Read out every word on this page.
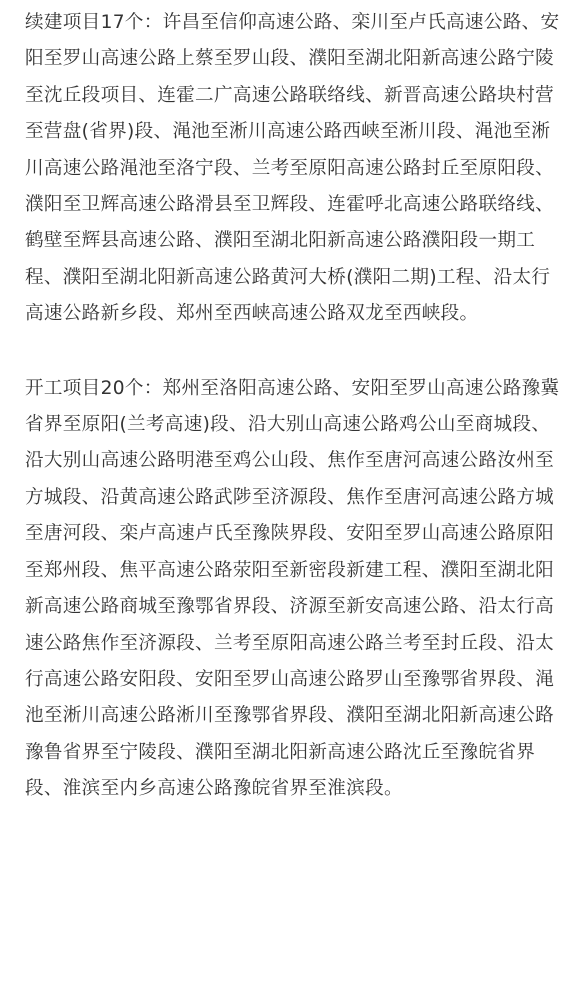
续建项目17个：许昌至信仰高速公路、栾川至卢氏高速公路、安阳至罗山高速公路上蔡至罗山段、濮阳至湖北阳新高速公路宁陵至沈丘段项目、连霍二广高速公路联络线、新晋高速公路块村营至营盘(省界)段、渑池至淅川高速公路西峡至淅川段、渑池至淅川高速公路渑池至洛宁段、兰考至原阳高速公路封丘至原阳段、濮阳至卫辉高速公路滑县至卫辉段、连霍呼北高速公路联络线、鹤壁至辉县高速公路、濮阳至湖北阳新高速公路濮阳段一期工程、濮阳至湖北阳新高速公路黄河大桥(濮阳二期)工程、沿太行高速公路新乡段、郑州至西峡高速公路双龙至西峡段。

开工项目20个：郑州至洛阳高速公路、安阳至罗山高速公路豫冀省界至原阳(兰考高速)段、沿大别山高速公路鸡公山至商城段、沿大别山高速公路明港至鸡公山段、焦作至唐河高速公路汝州至方城段、沿黄高速公路武陟至济源段、焦作至唐河高速公路方城至唐河段、栾卢高速卢氏至豫陕界段、安阳至罗山高速公路原阳至郑州段、焦平高速公路荥阳至新密段新建工程、濮阳至湖北阳新高速公路商城至豫鄂省界段、济源至新安高速公路、沿太行高速公路焦作至济源段、兰考至原阳高速公路兰考至封丘段、沿太行高速公路安阳段、安阳至罗山高速公路罗山至豫鄂省界段、渑池至淅川高速公路淅川至豫鄂省界段、濮阳至湖北阳新高速公路豫鲁省界至宁陵段、濮阳至湖北阳新高速公路沈丘至豫皖省界段、淮滨至内乡高速公路豫皖省界至淮滨段。
